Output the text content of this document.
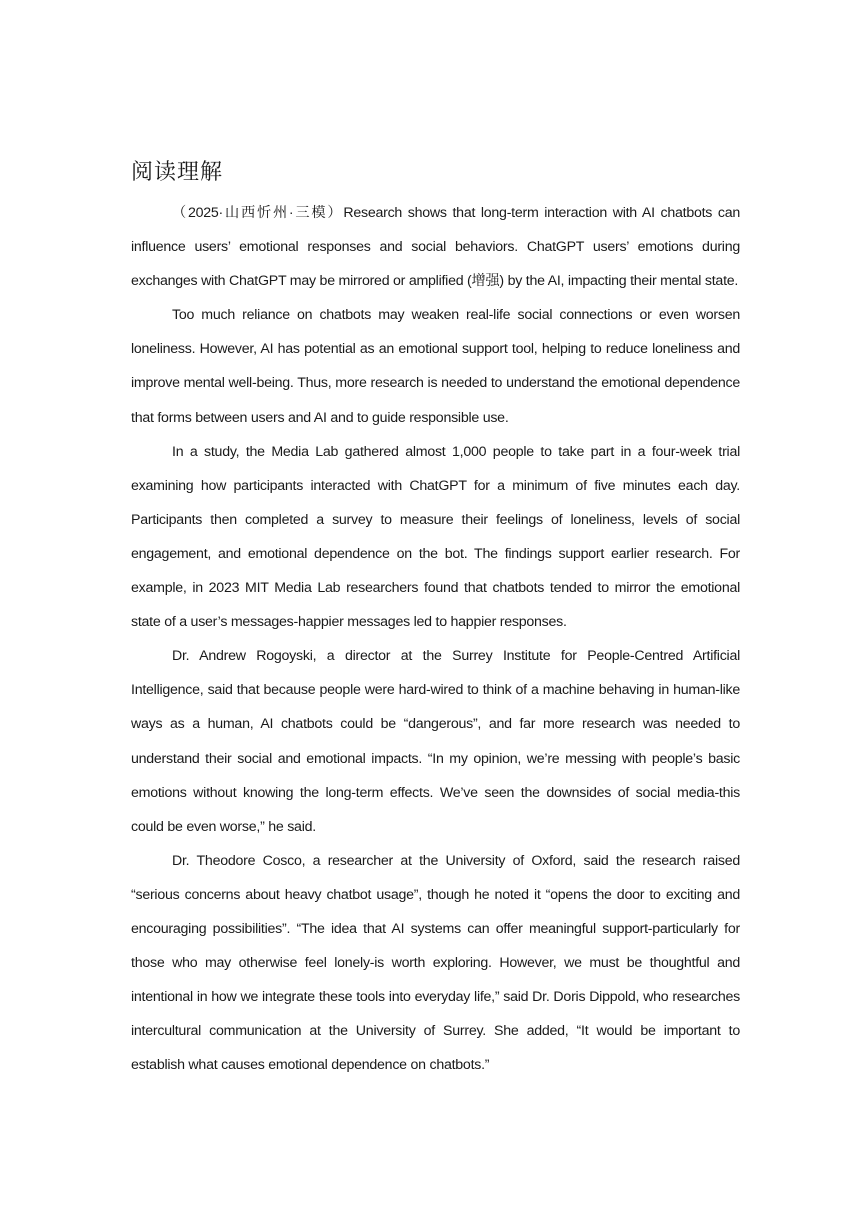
阅读理解

（2025·山西忻州·三模）Research shows that long-term interaction with AI chatbots can influence users’ emotional responses and social behaviors. ChatGPT users’ emotions during exchanges with ChatGPT may be mirrored or amplified (增强) by the AI, impacting their mental state.

Too much reliance on chatbots may weaken real-life social connections or even worsen loneliness. However, AI has potential as an emotional support tool, helping to reduce loneliness and improve mental well-being. Thus, more research is needed to understand the emotional dependence that forms between users and AI and to guide responsible use.

In a study, the Media Lab gathered almost 1,000 people to take part in a four-week trial examining how participants interacted with ChatGPT for a minimum of five minutes each day. Participants then completed a survey to measure their feelings of loneliness, levels of social engagement, and emotional dependence on the bot. The findings support earlier research. For example, in 2023 MIT Media Lab researchers found that chatbots tended to mirror the emotional state of a user’s messages-happier messages led to happier responses.

Dr. Andrew Rogoyski, a director at the Surrey Institute for People-Centred Artificial Intelligence, said that because people were hard-wired to think of a machine behaving in human-like ways as a human, AI chatbots could be “dangerous”, and far more research was needed to understand their social and emotional impacts. “In my opinion, we’re messing with people’s basic emotions without knowing the long-term effects. We’ve seen the downsides of social media-this could be even worse,” he said.

Dr. Theodore Cosco, a researcher at the University of Oxford, said the research raised “serious concerns about heavy chatbot usage”, though he noted it “opens the door to exciting and encouraging possibilities”. “The idea that AI systems can offer meaningful support-particularly for those who may otherwise feel lonely-is worth exploring. However, we must be thoughtful and intentional in how we integrate these tools into everyday life,” said Dr. Doris Dippold, who researches intercultural communication at the University of Surrey. She added, “It would be important to establish what causes emotional dependence on chatbots.”
